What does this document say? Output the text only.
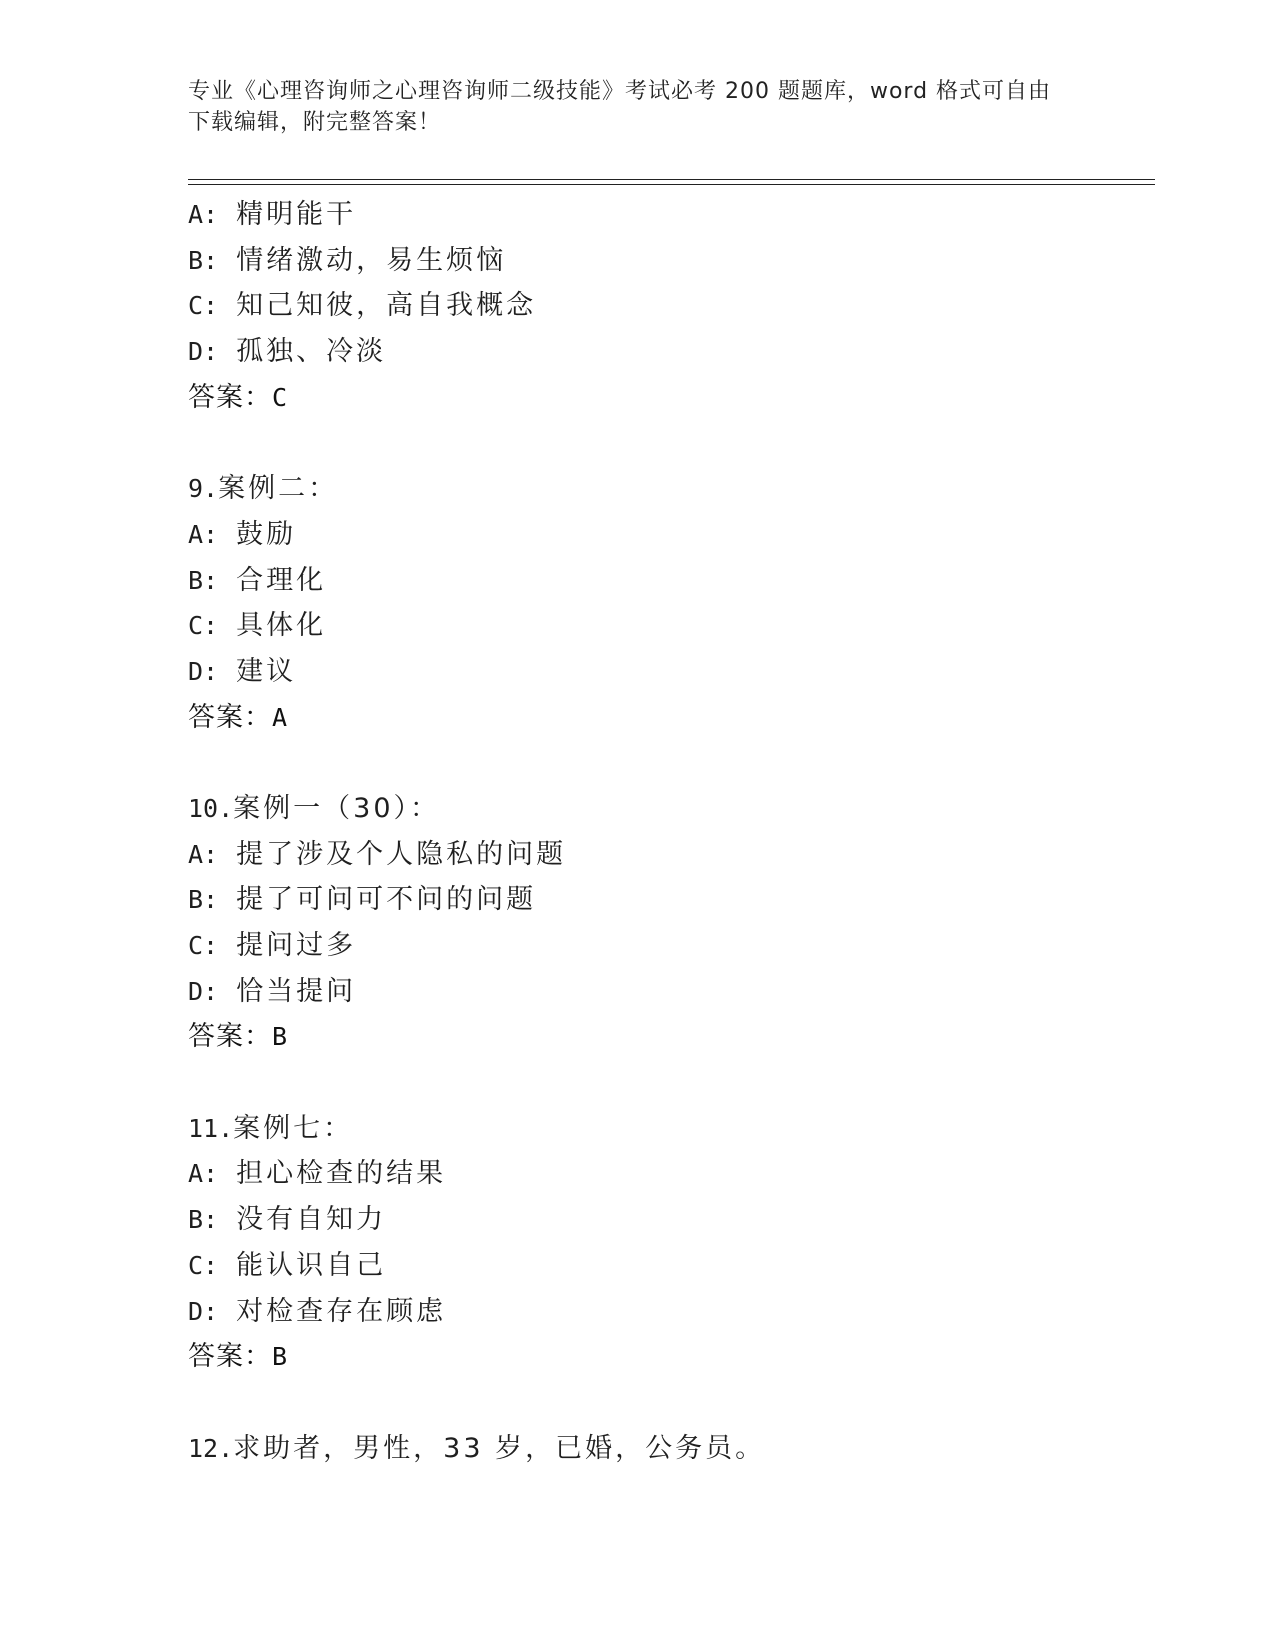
专业《心理咨询师之心理咨询师二级技能》考试必考 200 题题库，word 格式可自由下载编辑，附完整答案！
A: 精明能干
B: 情绪激动，易生烦恼
C: 知己知彼，高自我概念
D: 孤独、冷淡
答案：C
9.案例二：
A: 鼓励
B: 合理化
C: 具体化
D: 建议
答案：A
10.案例一（30）：
A: 提了涉及个人隐私的问题
B: 提了可问可不问的问题
C: 提问过多
D: 恰当提问
答案：B
11.案例七：
A: 担心检查的结果
B: 没有自知力
C: 能认识自己
D: 对检查存在顾虑
答案：B
12.求助者，男性，33 岁，已婚，公务员。
